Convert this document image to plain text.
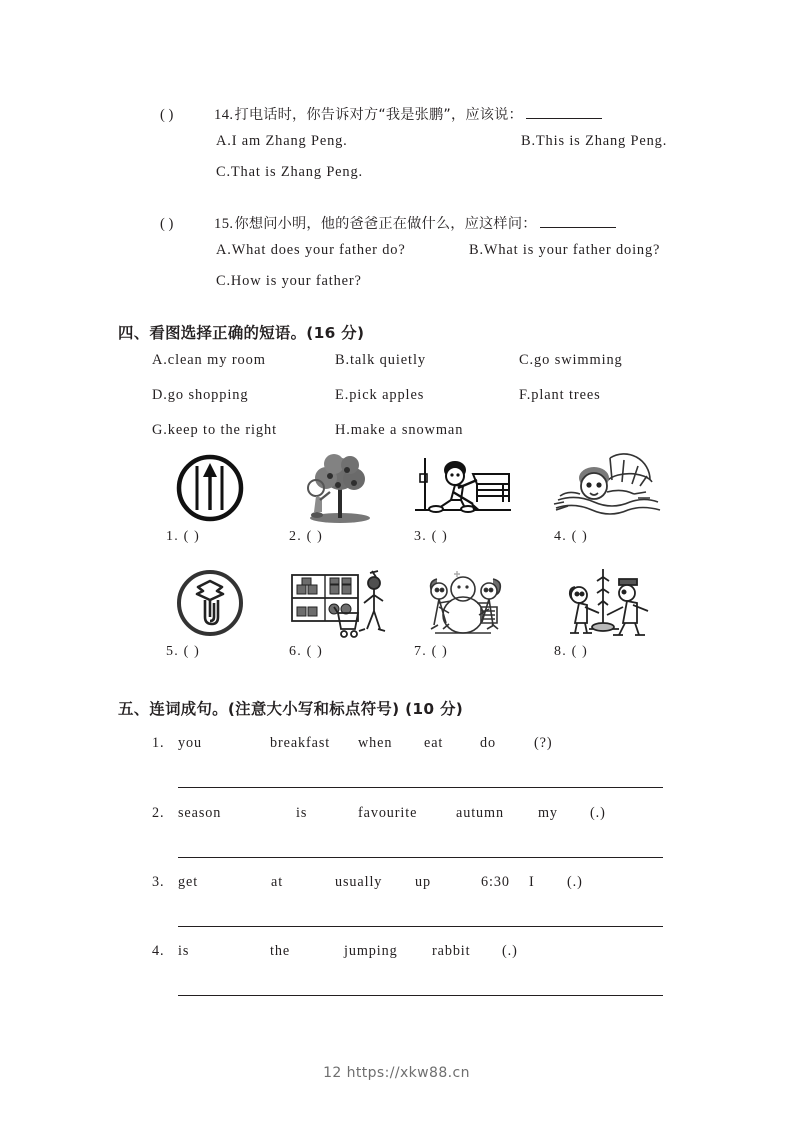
( )	14. 打电话时，你告诉对方“我是张鹏”，应该说：
A.I am Zhang Peng.	B.This is Zhang Peng.
C.That is Zhang Peng.
( )	15. 你想问小明，他的爸爸正在做什么，应这样问：
A.What does your father do?	B.What is your father doing?
C.How is your father?
四、看图选择正确的短语。(16 分)
A.clean my room	B.talk quietly	C.go swimming
D.go shopping	E.pick apples	F.plant trees
G.keep to the right	H.make a snowman
1. ( )	2. ( )	3. ( )	4. ( )
5. ( )	6. ( )	7. ( )	8. ( )
五、连词成句。(注意大小写和标点符号) (10 分)
1. you	breakfast when eat	do	(?)
2. season	is	favourite	autumn my (.)
3. get	at	usually up	6:30 I (.)
4. is	the	jumping rabbit (.)
12 https://xkw88.cn
